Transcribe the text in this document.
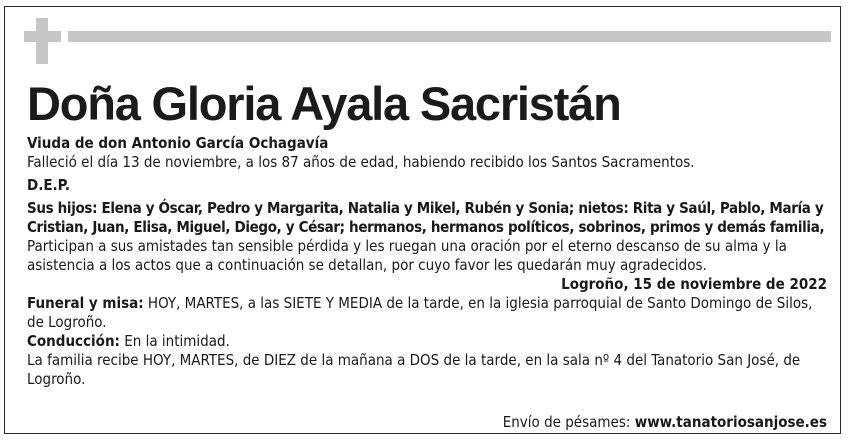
Doña Gloria Ayala Sacristán

Viuda de don Antonio García Ochagavía

Falleció el día 13 de noviembre, a los 87 años de edad, habiendo recibido los Santos Sacramentos.

D.E.P.

Sus hijos: Elena y Óscar, Pedro y Margarita, Natalia y Mikel, Rubén y Sonia; nietos: Rita y Saúl, Pablo, María y Cristian, Juan, Elisa, Miguel, Diego, y César; hermanos, hermanos políticos, sobrinos, primos y demás familia,

Participan a sus amistades tan sensible pérdida y les ruegan una oración por el eterno descanso de su alma y la asistencia a los actos que a continuación se detallan, por cuyo favor les quedarán muy agradecidos.

Logroño, 15 de noviembre de 2022

Funeral y misa: HOY, MARTES, a las SIETE Y MEDIA de la tarde, en la iglesia parroquial de Santo Domingo de Silos, de Logroño.

Conducción: En la intimidad.

La familia recibe HOY, MARTES, de DIEZ de la mañana a DOS de la tarde, en la sala nº 4 del Tanatorio San José, de Logroño.

Envío de pésames: www.tanatoriosanjose.es
